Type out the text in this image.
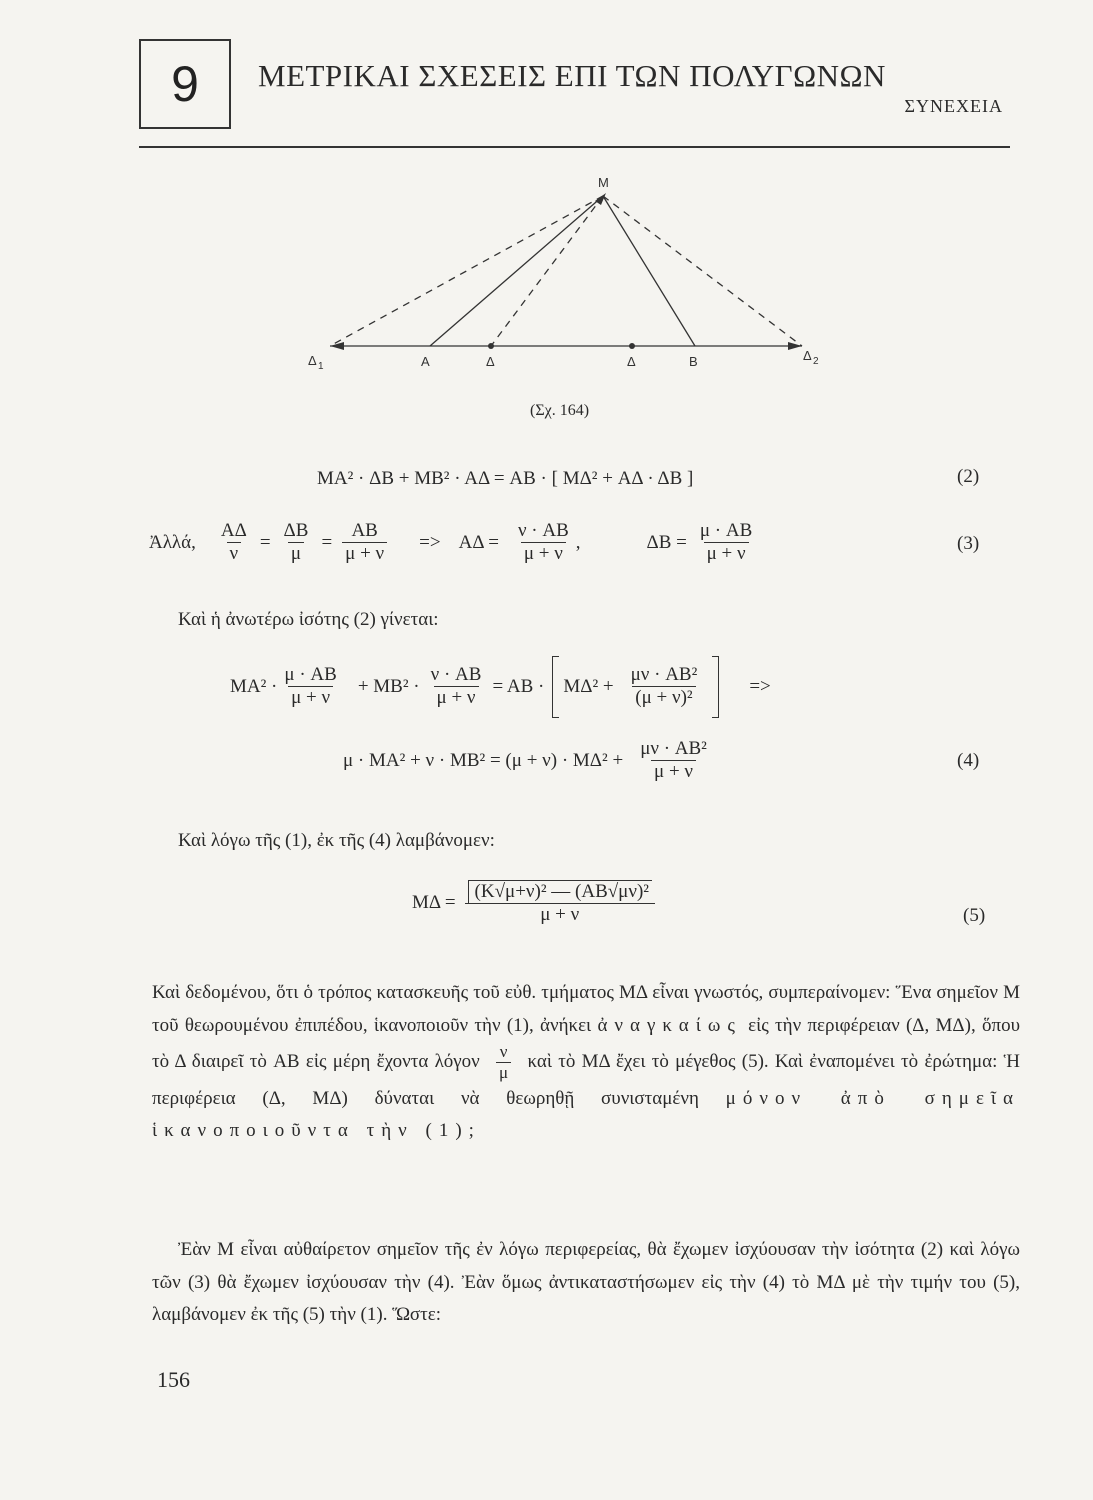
9 ΜΕΤΡΙΚΑΙ ΣΧΕΣΕΙΣ ΕΠΙ ΤΩΝ ΠΟΛΥΓΩΝΩΝ
ΣΥΝΕΧΕΙΑ
M
Δ 1	A	Δ	Δ	B	Δ 2
(Σχ. 164)
MA² · ΔB + MB² · AΔ = AB · [ MΔ² + AΔ · ΔB ]	(2)
Ἀλλά, $\frac{A\Delta}{\nu} = \frac{\Delta B}{\mu} = \frac{AB}{\mu + \nu} => A\Delta = \frac{\nu \cdot AB}{\mu + \nu}$ ,	$\Delta B = \frac{\mu \cdot AB}{\mu + \nu}$	(3)
Καὶ ἡ ἀνωτέρω ἰσότης (2) γίνεται:
$MA^2 \cdot \frac{\mu \cdot AB}{\mu + \nu} + MB^2 \cdot \frac{\nu \cdot AB}{\mu + \nu}$ = AB · $M\Delta^2 + \frac{\text{μν · AB²}}{\text{(μ + ν)²}}$	=>
$\mu \cdot MA^2 + \nu \cdot MB^2 = (\mu + \nu) \cdot M\Delta^2 + \frac{\text{μν · AB²}}{\mu + \nu}$	(4)
Καὶ λόγω τῆς (1), ἐκ τῆς (4) λαμβάνομεν:
$M\Delta = \frac{\text{(K√μ+ν)² — (AB√μν)²}}{\mu + \nu}$	(5)
Καὶ δεδομένου, ὅτι ὁ τρόπος κατασκευῆς τοῦ εὐθ. τμήματος MΔ εἶναι γνωστός, συμπεραίνομεν: Ἕνα σημεῖον M τοῦ θεωρουμένου ἐπιπέδου, ἱκανοποιοῦν τὴν (1), ἀνήκει ἀναγκαίως εἰς τὴν περιφέρειαν (Δ, MΔ), ὅπου τὸ Δ διαιρεῖ τὸ AB εἰς μέρη ἔχοντα λόγον $\frac{\nu}{\mu}$ καὶ τὸ MΔ ἔχει τὸ μέγεθος (5). Καὶ ἐναπομένει τὸ ἐρώτημα: Ἡ περιφέρεια (Δ, MΔ) δύναται νὰ θεωρηθῇ συνισταμένη μόνον ἀπὸ σημεῖα ἱκανοποιοῦντα τὴν (1);
Ἐὰν M εἶναι αὐθαίρετον σημεῖον τῆς ἐν λόγω περιφερείας, θὰ ἔχωμεν ἰσχύουσαν τὴν ἰσότητα (2) καὶ λόγω τῶν (3) θὰ ἔχωμεν ἰσχύουσαν τὴν (4). Ἐὰν ὅμως ἀντικαταστήσωμεν εἰς τὴν (4) τὸ MΔ μὲ τὴν τιμήν του (5), λαμβάνομεν ἐκ τῆς (5) τὴν (1). Ὥστε:
156
